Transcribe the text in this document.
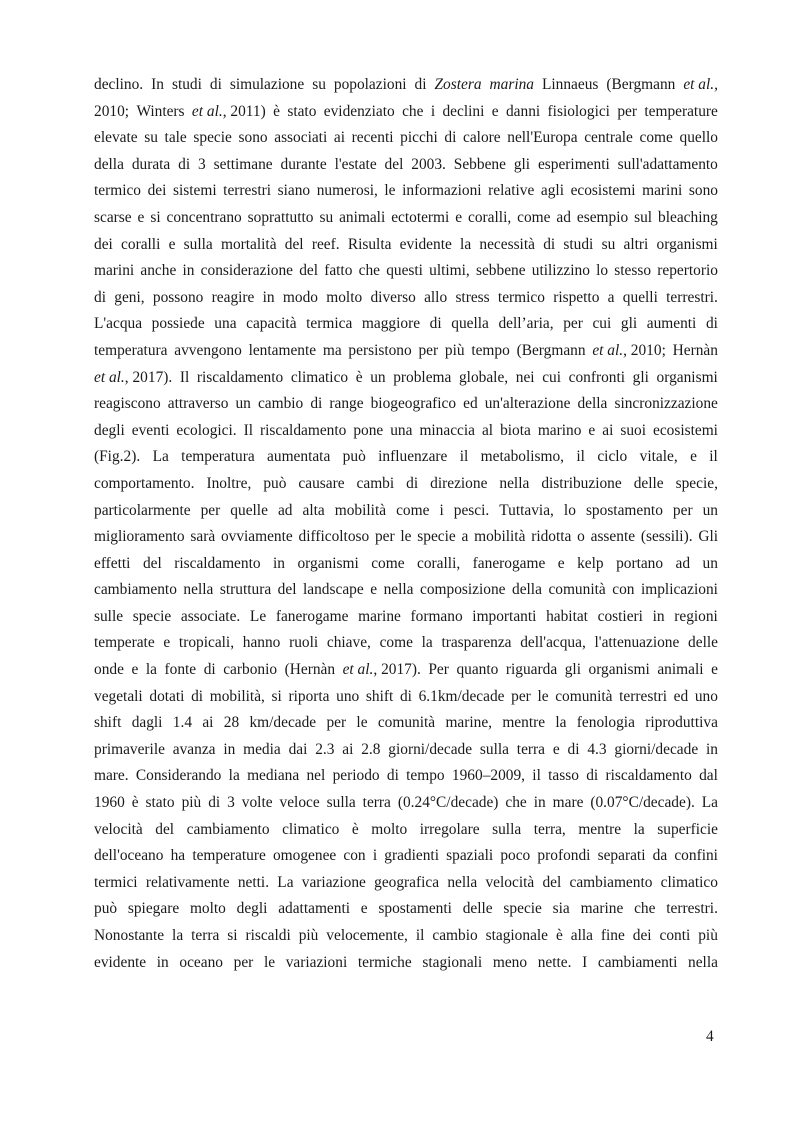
declino. In studi di simulazione su popolazioni di Zostera marina Linnaeus (Bergmann et al.,
2010; Winters et al., 2011) è stato evidenziato che i declini e danni fisiologici per temperature
elevate su tale specie sono associati ai recenti picchi di calore nell'Europa centrale come quello
della durata di 3 settimane durante l'estate del 2003. Sebbene gli esperimenti sull'adattamento
termico dei sistemi terrestri siano numerosi, le informazioni relative agli ecosistemi marini sono
scarse e si concentrano soprattutto su animali ectotermi e coralli, come ad esempio sul bleaching
dei coralli e sulla mortalità del reef. Risulta evidente la necessità di studi su altri organismi
marini anche in considerazione del fatto che questi ultimi, sebbene utilizzino lo stesso repertorio
di geni, possono reagire in modo molto diverso allo stress termico rispetto a quelli terrestri.
L'acqua possiede una capacità termica maggiore di quella dell’aria, per cui gli aumenti di
temperatura avvengono lentamente ma persistono per più tempo (Bergmann et al., 2010; Hernàn
et al., 2017). Il riscaldamento climatico è un problema globale, nei cui confronti gli organismi
reagiscono attraverso un cambio di range biogeografico ed un'alterazione della sincronizzazione
degli eventi ecologici. Il riscaldamento pone una minaccia al biota marino e ai suoi ecosistemi
(Fig.2). La temperatura aumentata può influenzare il metabolismo, il ciclo vitale, e il
comportamento. Inoltre, può causare cambi di direzione nella distribuzione delle specie,
particolarmente per quelle ad alta mobilità come i pesci. Tuttavia, lo spostamento per un
miglioramento sarà ovviamente difficoltoso per le specie a mobilità ridotta o assente (sessili). Gli
effetti del riscaldamento in organismi come coralli, fanerogame e kelp portano ad un
cambiamento nella struttura del landscape e nella composizione della comunità con implicazioni
sulle specie associate. Le fanerogame marine formano importanti habitat costieri in regioni
temperate e tropicali, hanno ruoli chiave, come la trasparenza dell'acqua, l'attenuazione delle
onde e la fonte di carbonio (Hernàn et al., 2017). Per quanto riguarda gli organismi animali e
vegetali dotati di mobilità, si riporta uno shift di 6.1km/decade per le comunità terrestri ed uno
shift dagli 1.4 ai 28 km/decade per le comunità marine, mentre la fenologia riproduttiva
primaverile avanza in media dai 2.3 ai 2.8 giorni/decade sulla terra e di 4.3 giorni/decade in
mare. Considerando la mediana nel periodo di tempo 1960–2009, il tasso di riscaldamento dal
1960 è stato più di 3 volte veloce sulla terra (0.24°C/decade) che in mare (0.07°C/decade). La
velocità del cambiamento climatico è molto irregolare sulla terra, mentre la superficie
dell'oceano ha temperature omogenee con i gradienti spaziali poco profondi separati da confini
termici relativamente netti. La variazione geografica nella velocità del cambiamento climatico
può spiegare molto degli adattamenti e spostamenti delle specie sia marine che terrestri.
Nonostante la terra si riscaldi più velocemente, il cambio stagionale è alla fine dei conti più
evidente in oceano per le variazioni termiche stagionali meno nette. I cambiamenti nella
4
